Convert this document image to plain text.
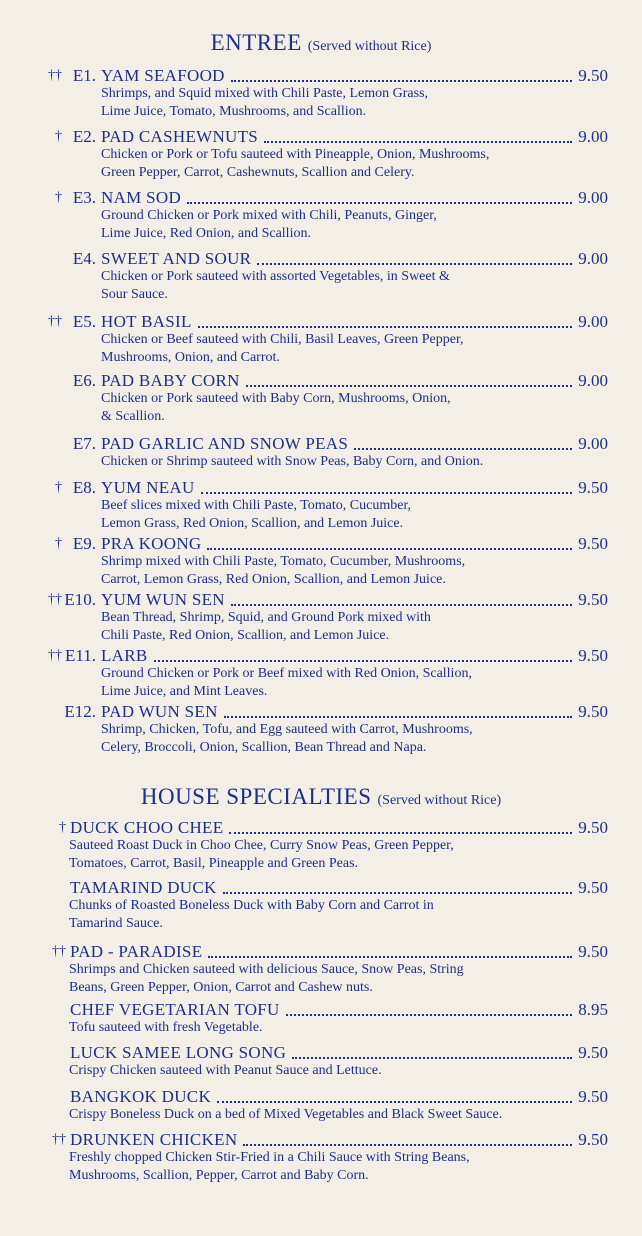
ENTREE (Served without Rice)
†† E1. YAM SEAFOOD	9.50
Shrimps, and Squid mixed with Chili Paste, Lemon Grass,
Lime Juice, Tomato, Mushrooms, and Scallion.
† E2. PAD CASHEWNUTS	9.00
Chicken or Pork or Tofu sauteed with Pineapple, Onion, Mushrooms,
Green Pepper, Carrot, Cashewnuts, Scallion and Celery.
† E3. NAM SOD	9.00
Ground Chicken or Pork mixed with Chili, Peanuts, Ginger,
Lime Juice, Red Onion, and Scallion.
E4. SWEET AND SOUR	9.00
Chicken or Pork sauteed with assorted Vegetables, in Sweet &
Sour Sauce.
†† E5. HOT BASIL	9.00
Chicken or Beef sauteed with Chili, Basil Leaves, Green Pepper,
Mushrooms, Onion, and Carrot.
E6. PAD BABY CORN	9.00
Chicken or Pork sauteed with Baby Corn, Mushrooms, Onion,
& Scallion.
E7. PAD GARLIC AND SNOW PEAS	9.00
Chicken or Shrimp sauteed with Snow Peas, Baby Corn, and Onion.
† E8. YUM NEAU	9.50
Beef slices mixed with Chili Paste, Tomato, Cucumber,
Lemon Grass, Red Onion, Scallion, and Lemon Juice.
† E9. PRA KOONG	9.50
Shrimp mixed with Chili Paste, Tomato, Cucumber, Mushrooms,
Carrot, Lemon Grass, Red Onion, Scallion, and Lemon Juice.
†† E10. YUM WUN SEN	9.50
Bean Thread, Shrimp, Squid, and Ground Pork mixed with
Chili Paste, Red Onion, Scallion, and Lemon Juice.
†† E11. LARB	9.50
Ground Chicken or Pork or Beef mixed with Red Onion, Scallion,
Lime Juice, and Mint Leaves.
E12. PAD WUN SEN	9.50
Shrimp, Chicken, Tofu, and Egg sauteed with Carrot, Mushrooms,
Celery, Broccoli, Onion, Scallion, Bean Thread and Napa.
HOUSE SPECIALTIES (Served without Rice)
† DUCK CHOO CHEE	9.50
Sauteed Roast Duck in Choo Chee, Curry Snow Peas, Green Pepper,
Tomatoes, Carrot, Basil, Pineapple and Green Peas.
TAMARIND DUCK	9.50
Chunks of Roasted Boneless Duck with Baby Corn and Carrot in
Tamarind Sauce.
†† PAD - PARADISE	9.50
Shrimps and Chicken sauteed with delicious Sauce, Snow Peas, String
Beans, Green Pepper, Onion, Carrot and Cashew nuts.
CHEF VEGETARIAN TOFU	8.95
Tofu sauteed with fresh Vegetable.
LUCK SAMEE LONG SONG	9.50
Crispy Chicken sauteed with Peanut Sauce and Lettuce.
BANGKOK DUCK	9.50
Crispy Boneless Duck on a bed of Mixed Vegetables and Black Sweet Sauce.
†† DRUNKEN CHICKEN	9.50
Freshly chopped Chicken Stir-Fried in a Chili Sauce with String Beans,
Mushrooms, Scallion, Pepper, Carrot and Baby Corn.
